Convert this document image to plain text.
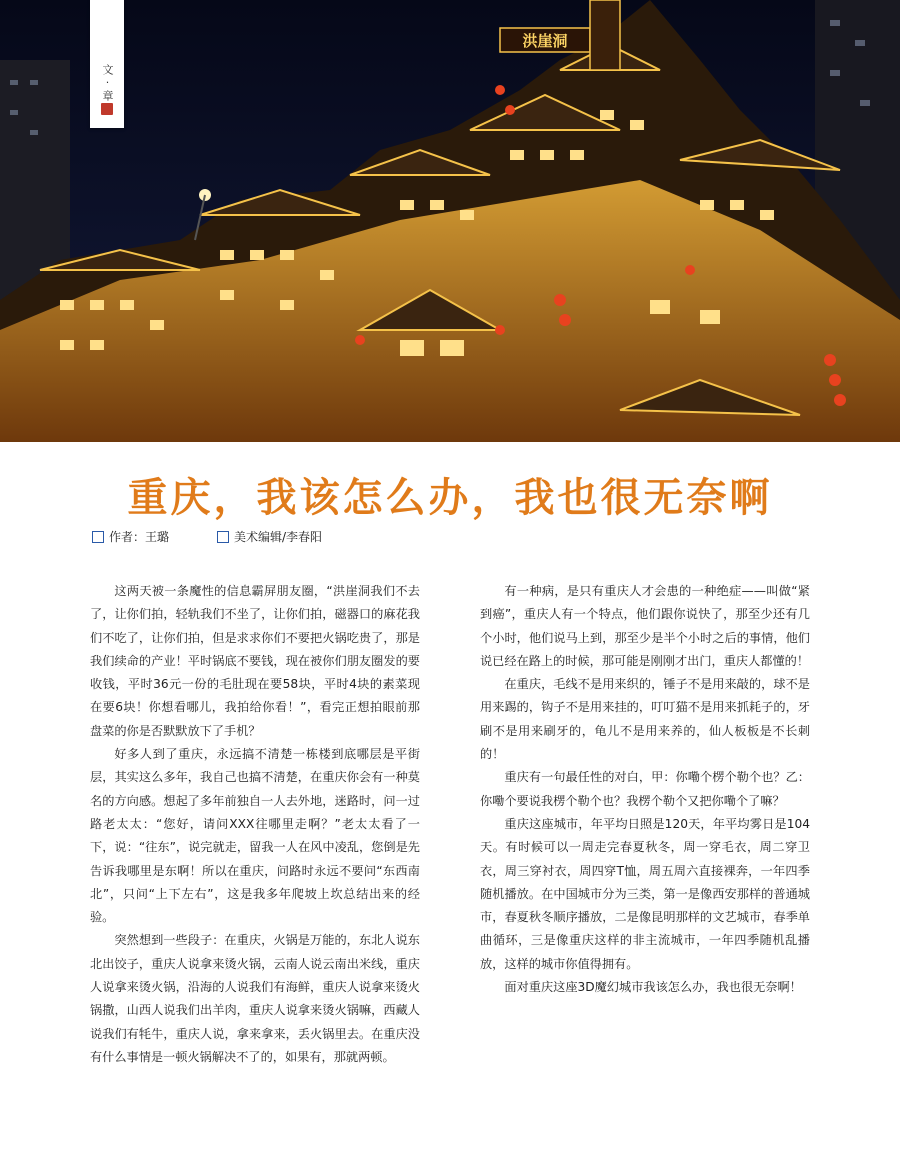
洪崖洞
文·章
重庆，我该怎么办，我也很无奈啊
作者：王璐	美术编辑/李春阳

这两天被一条魔性的信息霸屏朋友圈，“洪崖洞我们不去了，让你们拍，轻轨我们不坐了，让你们拍，磁器口的麻花我们不吃了，让你们拍，但是求求你们不要把火锅吃贵了，那是我们续命的产业！平时锅底不要钱，现在被你们朋友圈发的要收钱，平时36元一份的毛肚现在要58块，平时4块的素菜现在要6块！你想看哪儿，我拍给你看！”，看完正想拍眼前那盘菜的你是否默默放下了手机？

好多人到了重庆，永远搞不清楚一栋楼到底哪层是平街层，其实这么多年，我自己也搞不清楚，在重庆你会有一种莫名的方向感。想起了多年前独自一人去外地，迷路时，问一过路老太太：“您好，请问XXX往哪里走啊？”老太太看了一下，说：“往东”，说完就走，留我一人在风中凌乱，您倒是先告诉我哪里是东啊！所以在重庆，问路时永远不要问“东西南北”，只问“上下左右”，这是我多年爬坡上坎总结出来的经验。

突然想到一些段子：在重庆，火锅是万能的，东北人说东北出饺子，重庆人说拿来烫火锅，云南人说云南出米线，重庆人说拿来烫火锅，沿海的人说我们有海鲜，重庆人说拿来烫火锅撒，山西人说我们出羊肉，重庆人说拿来烫火锅嘛，西藏人说我们有牦牛，重庆人说，拿来拿来，丢火锅里去。在重庆没有什么事情是一顿火锅解决不了的，如果有，那就两顿。

有一种病，是只有重庆人才会患的一种绝症——叫做“紧到癌”，重庆人有一个特点，他们跟你说快了，那至少还有几个小时，他们说马上到，那至少是半个小时之后的事情，他们说已经在路上的时候，那可能是刚刚才出门，重庆人都懂的！

在重庆，毛线不是用来织的，锤子不是用来敲的，球不是用来踢的，钩子不是用来挂的，叮叮猫不是用来抓耗子的，牙刷不是用来刷牙的，龟儿不是用来养的，仙人板板是不长刺的！

重庆有一句最任性的对白，甲：你嘞个楞个勒个也？乙：你嘞个要说我楞个勒个也？我楞个勒个又把你嘞个了嘛？

重庆这座城市，年平均日照是120天，年平均雾日是104天。有时候可以一周走完春夏秋冬，周一穿毛衣，周二穿卫衣，周三穿衬衣，周四穿T恤，周五周六直接裸奔，一年四季随机播放。在中国城市分为三类，第一是像西安那样的普通城市，春夏秋冬顺序播放，二是像昆明那样的文艺城市，春季单曲循环，三是像重庆这样的非主流城市，一年四季随机乱播放，这样的城市你值得拥有。

面对重庆这座3D魔幻城市我该怎么办，我也很无奈啊！
